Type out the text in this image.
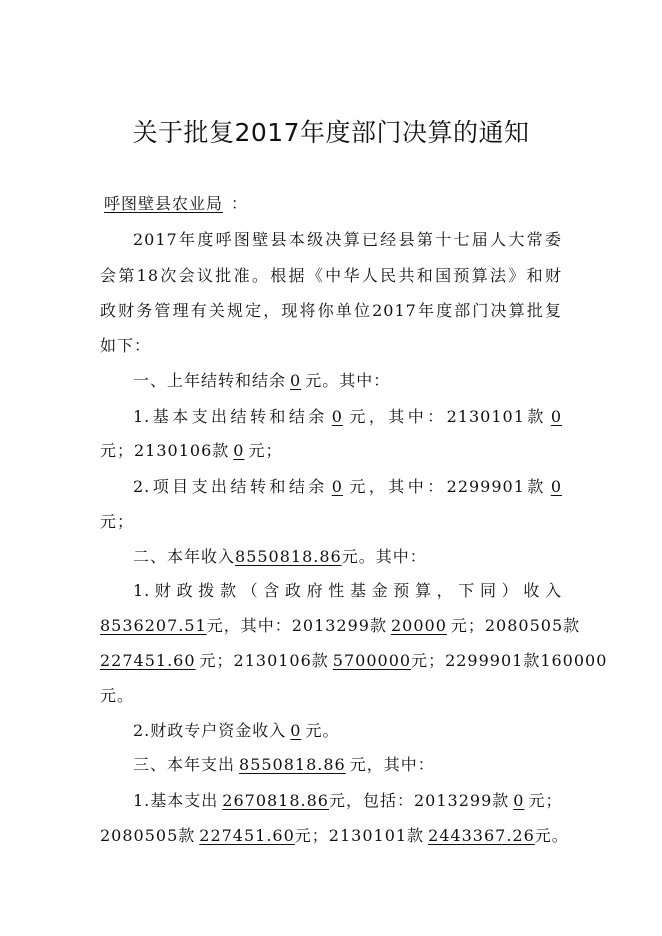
关于批复2017年度部门决算的通知
呼图壁县农业局 ：
2017年度呼图壁县本级决算已经县第十七届人大常委
会第18次会议批准。根据《中华人民共和国预算法》和财
政财务管理有关规定，现将你单位2017年度部门决算批复
如下：
一、上年结转和结余 0 元。其中：
1.基本支出结转和结余 0 元，其中：2130101款 0
元；2130106款 0 元；
2.项目支出结转和结余 0 元，其中：2299901款 0
元；
二、本年收入8550818.86元。其中：
1.财政拨款（含政府性基金预算，下同）收入
8536207.51元，其中：2013299款 20000 元；2080505款
227451.60 元；2130106款 5700000元；2299901款160000
元。
2.财政专户资金收入 0 元。
三、本年支出 8550818.86 元，其中：
1.基本支出 2670818.86元，包括：2013299款 0 元；
2080505款 227451.60元；2130101款 2443367.26元。
